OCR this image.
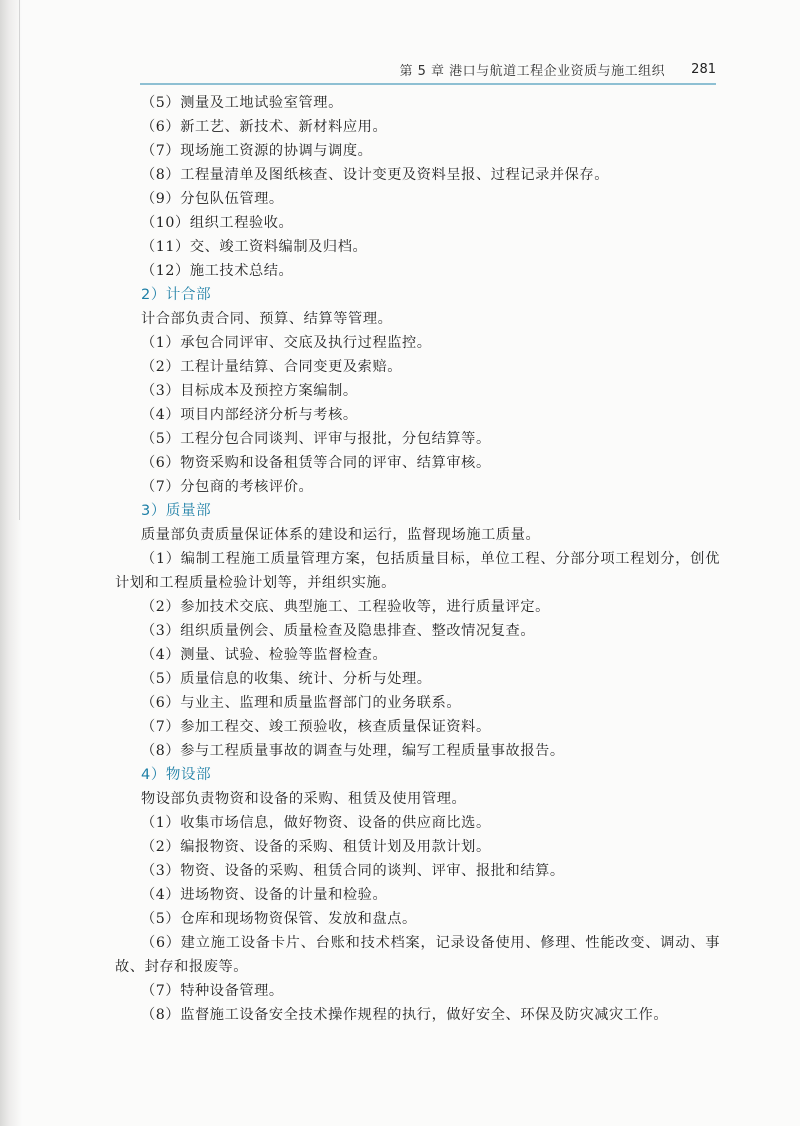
第 5 章 港口与航道工程企业资质与施工组织 281

（5）测量及工地试验室管理。

（6）新工艺、新技术、新材料应用。

（7）现场施工资源的协调与调度。

（8）工程量清单及图纸核查、设计变更及资料呈报、过程记录并保存。

（9）分包队伍管理。

（10）组织工程验收。

（11）交、竣工资料编制及归档。

（12）施工技术总结。

2）计合部

计合部负责合同、预算、结算等管理。

（1）承包合同评审、交底及执行过程监控。

（2）工程计量结算、合同变更及索赔。

（3）目标成本及预控方案编制。

（4）项目内部经济分析与考核。

（5）工程分包合同谈判、评审与报批，分包结算等。

（6）物资采购和设备租赁等合同的评审、结算审核。

（7）分包商的考核评价。

3）质量部

质量部负责质量保证体系的建设和运行，监督现场施工质量。

（1）编制工程施工质量管理方案，包括质量目标，单位工程、分部分项工程划分，创优计划和工程质量检验计划等，并组织实施。

（2）参加技术交底、典型施工、工程验收等，进行质量评定。

（3）组织质量例会、质量检查及隐患排查、整改情况复查。

（4）测量、试验、检验等监督检查。

（5）质量信息的收集、统计、分析与处理。

（6）与业主、监理和质量监督部门的业务联系。

（7）参加工程交、竣工预验收，核查质量保证资料。

（8）参与工程质量事故的调查与处理，编写工程质量事故报告。

4）物设部

物设部负责物资和设备的采购、租赁及使用管理。

（1）收集市场信息，做好物资、设备的供应商比选。

（2）编报物资、设备的采购、租赁计划及用款计划。

（3）物资、设备的采购、租赁合同的谈判、评审、报批和结算。

（4）进场物资、设备的计量和检验。

（5）仓库和现场物资保管、发放和盘点。

（6）建立施工设备卡片、台账和技术档案，记录设备使用、修理、性能改变、调动、事故、封存和报废等。

（7）特种设备管理。

（8）监督施工设备安全技术操作规程的执行，做好安全、环保及防灾减灾工作。
